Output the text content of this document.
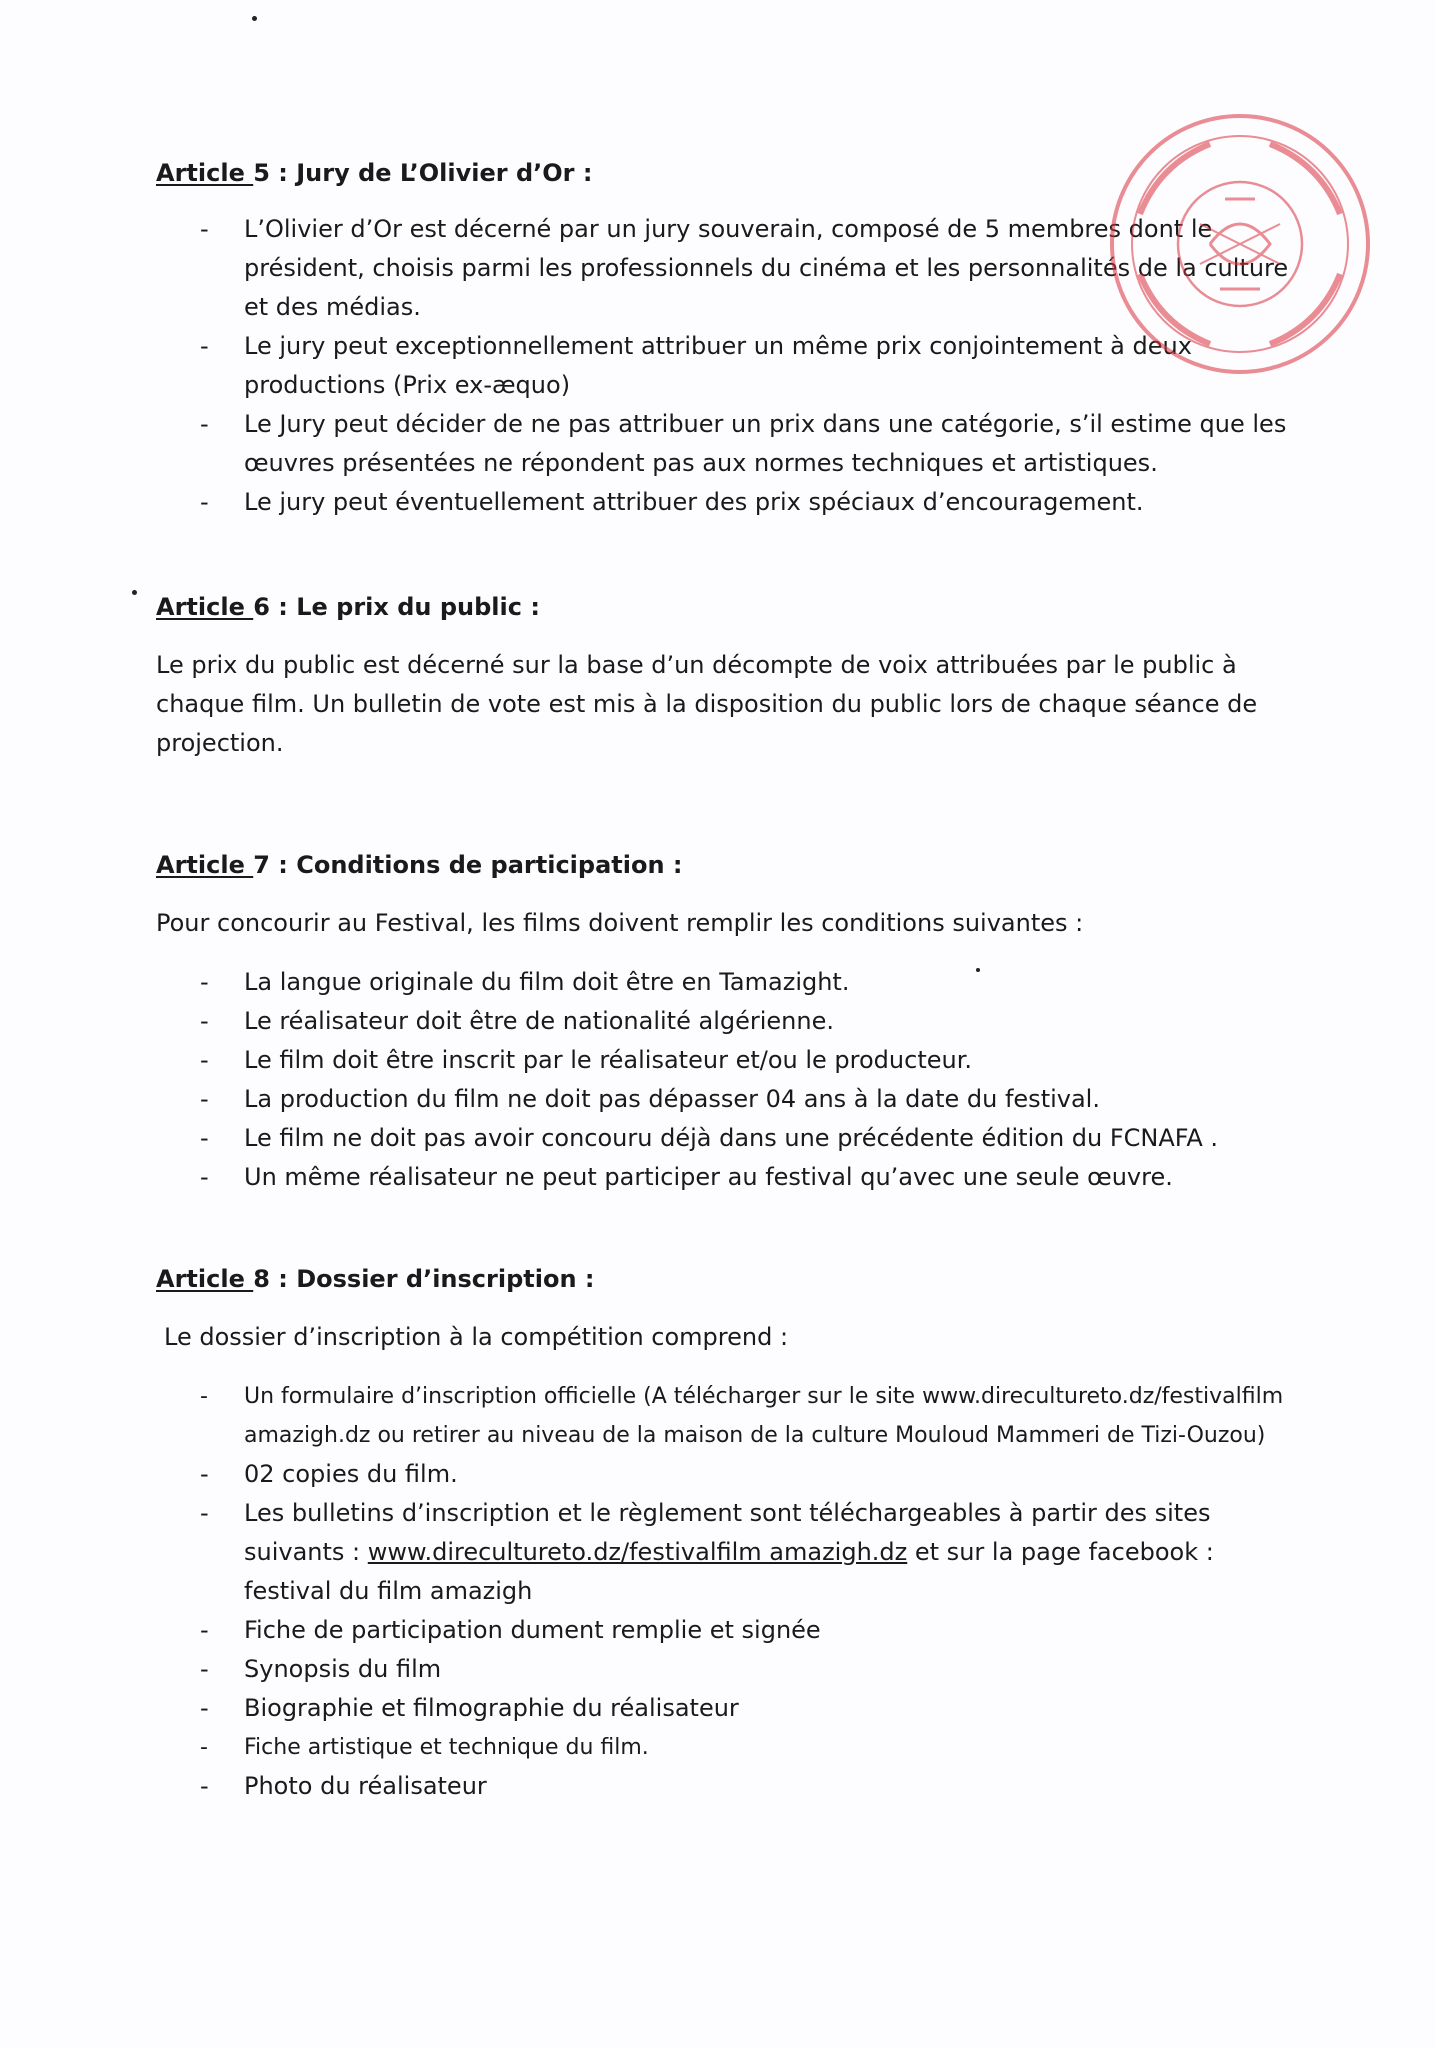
Article 5 : Jury de L’Olivier d’Or :

- L’Olivier d’Or est décerné par un jury souverain, composé de 5 membres dont le président, choisis parmi les professionnels du cinéma et les personnalités de la culture et des médias.
- Le jury peut exceptionnellement attribuer un même prix conjointement à deux productions (Prix ex-æquo)
- Le Jury peut décider de ne pas attribuer un prix dans une catégorie, s’il estime que les œuvres présentées ne répondent pas aux normes techniques et artistiques.
- Le jury peut éventuellement attribuer des prix spéciaux d’encouragement.

Article 6 : Le prix du public :

Le prix du public est décerné sur la base d’un décompte de voix attribuées par le public à chaque film. Un bulletin de vote est mis à la disposition du public lors de chaque séance de projection.

Article 7 : Conditions de participation :

Pour concourir au Festival, les films doivent remplir les conditions suivantes :

- La langue originale du film doit être en Tamazight.
- Le réalisateur doit être de nationalité algérienne.
- Le film doit être inscrit par le réalisateur et/ou le producteur.
- La production du film ne doit pas dépasser 04 ans à la date du festival.
- Le film ne doit pas avoir concouru déjà dans une précédente édition du FCNAFA .
- Un même réalisateur ne peut participer au festival qu’avec une seule œuvre.

Article 8 : Dossier d’inscription :

Le dossier d’inscription à la compétition comprend :

- Un formulaire d’inscription officielle (A télécharger sur le site www.direcultureto.dz/festivalfilm amazigh.dz ou retirer au niveau de la maison de la culture Mouloud Mammeri de Tizi-Ouzou)
- 02 copies du film.
- Les bulletins d’inscription et le règlement sont téléchargeables à partir des sites suivants : www.direcultureto.dz/festivalfilm amazigh.dz et sur la page facebook : festival du film amazigh
- Fiche de participation dument remplie et signée
- Synopsis du film
- Biographie et filmographie du réalisateur
- Fiche artistique et technique du film.
- Photo du réalisateur
